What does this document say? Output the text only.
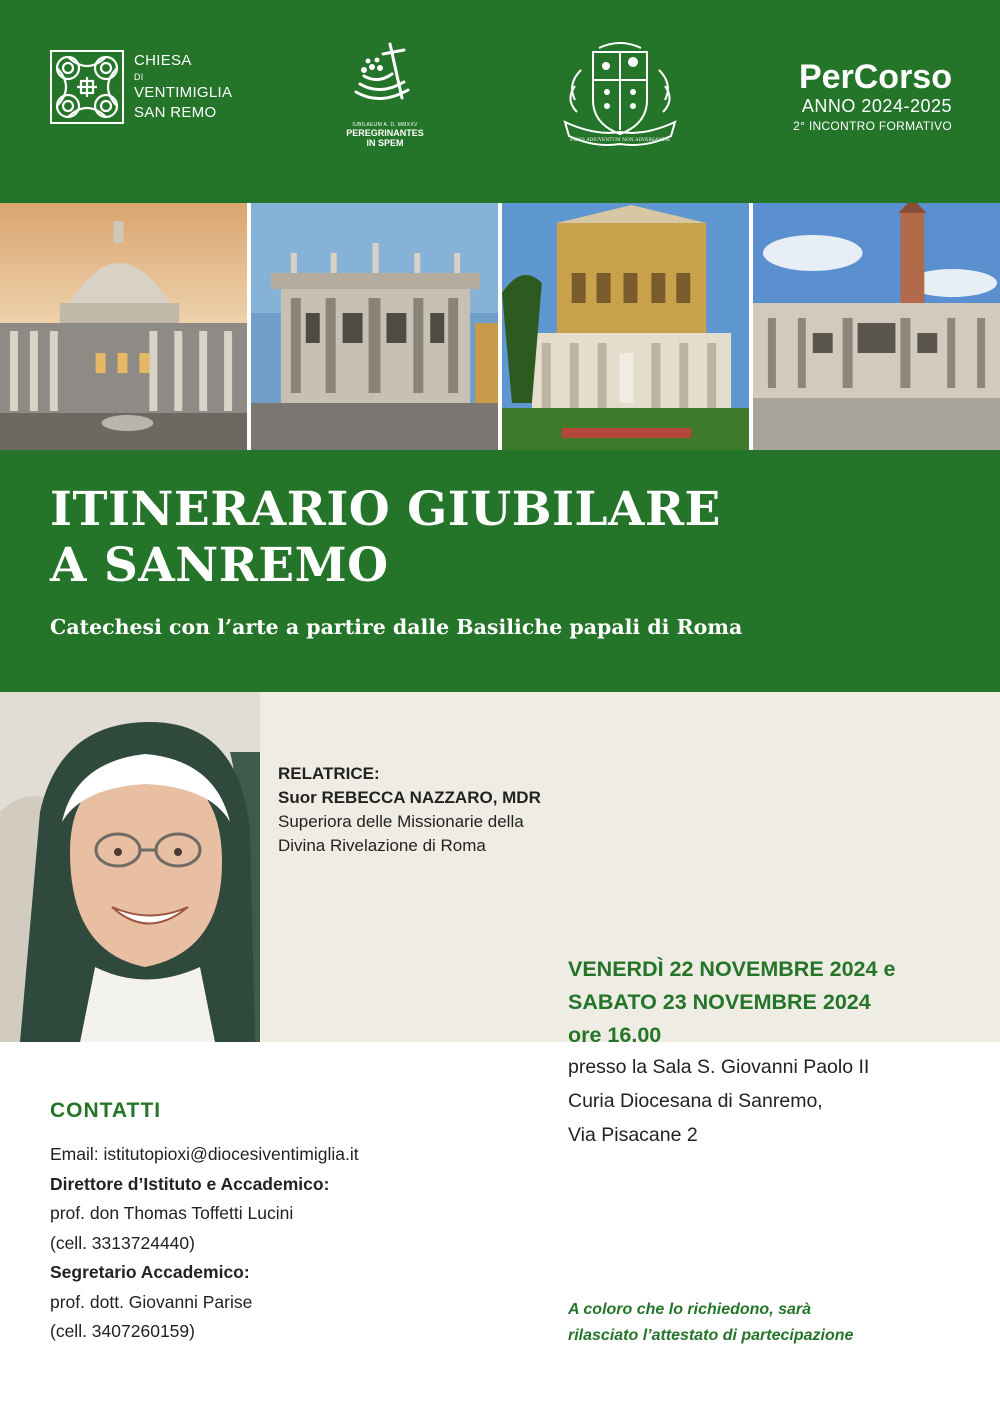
CHIESA

DI
VENTIMIGLIA
SAN REMO
IUBILAEUM A. D. MMXXV
PEREGRINANTES
IN SPEM	FIDES ADIUVENTUM NON ADVERSANTIS
PerCorso
ANNO 2024-2025
2° INCONTRO FORMATIVO
ITINERARIO GIUBILARE
A SANREMO

Catechesi con l’arte a partire dalle Basiliche papali di Roma

RELATRICE:
Suor REBECCA NAZZARO, MDR
Superiora delle Missionarie della
Divina Rivelazione di Roma
VENERDÌ 22 NOVEMBRE 2024 e
SABATO 23 NOVEMBRE 2024
ore 16.00
presso la Sala S. Giovanni Paolo II
Curia Diocesana di Sanremo,
Via Pisacane 2
CONTATTI
Email: istitutopioxi@diocesiventimiglia.it
Direttore d’Istituto e Accademico:
prof. don Thomas Toffetti Lucini
(cell. 3313724440)
Segretario Accademico:
prof. dott. Giovanni Parise
(cell. 3407260159)
A coloro che lo richiedono, sarà
rilasciato l’attestato di partecipazione
